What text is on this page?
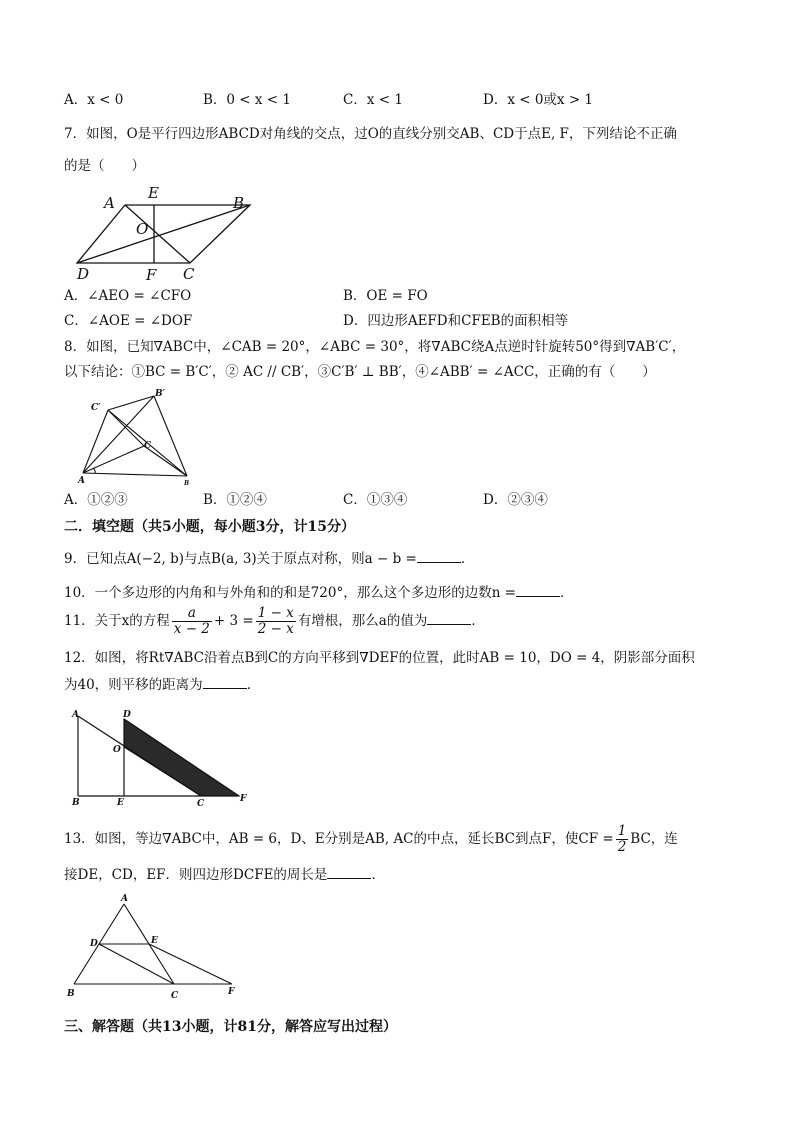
A．x < 0	B．0 < x < 1	C．x < 1	D．x < 0或x > 1
7．如图，O是平行四边形ABCD对角线的交点，过O的直线分别交AB、CD于点E, F，下列结论不正确
的是（　　）
A
E
B
O
D	F C
A．∠AEO = ∠CFO	B．OE = FO
C．∠AOE = ∠DOF	D．四边形AEFD和CFEB的面积相等
8．如图，已知∇ABC中，∠CAB = 20°，∠ABC = 30°，将∇ABC绕A点逆时针旋转50°得到∇AB′C′，
以下结论：①BC = B′C′，② AC // CB′，③C′B′ ⊥ BB′，④∠ABB′ = ∠ACC，正确的有（　　）
C′
B′
C
A	B
A．①②③	B．①②④	C．①③④	D．②③④
二．填空题（共5小题，每小题3分，计15分）
9．已知点A(−2, b)与点B(a, 3)关于原点对称，则a − b =	．
10．一个多边形的内角和与外角和的和是720°，那么这个多边形的边数n =	．
11．关于x的方程 $\frac{a}{x - 2} + 3 = \frac{1 - x}{2 - x}$ 有增根，那么a的值为	．
12．如图，将Rt∇ABC沿着点B到C的方向平移到∇DEF的位置，此时AB = 10，DO = 4，阴影部分面积
为40，则平移的距离为	．
A	D
O
B	E	C	F
13．如图，等边∇ABC中，AB = 6，D、E分别是AB, AC的中点，延长BC到点F，使CF = $\frac{1}{2}$ BC，连
接DE，CD，EF．则四边形DCFE的周长是	．
A
D	E
B	C	F
三、解答题（共13小题，计81分，解答应写出过程）
